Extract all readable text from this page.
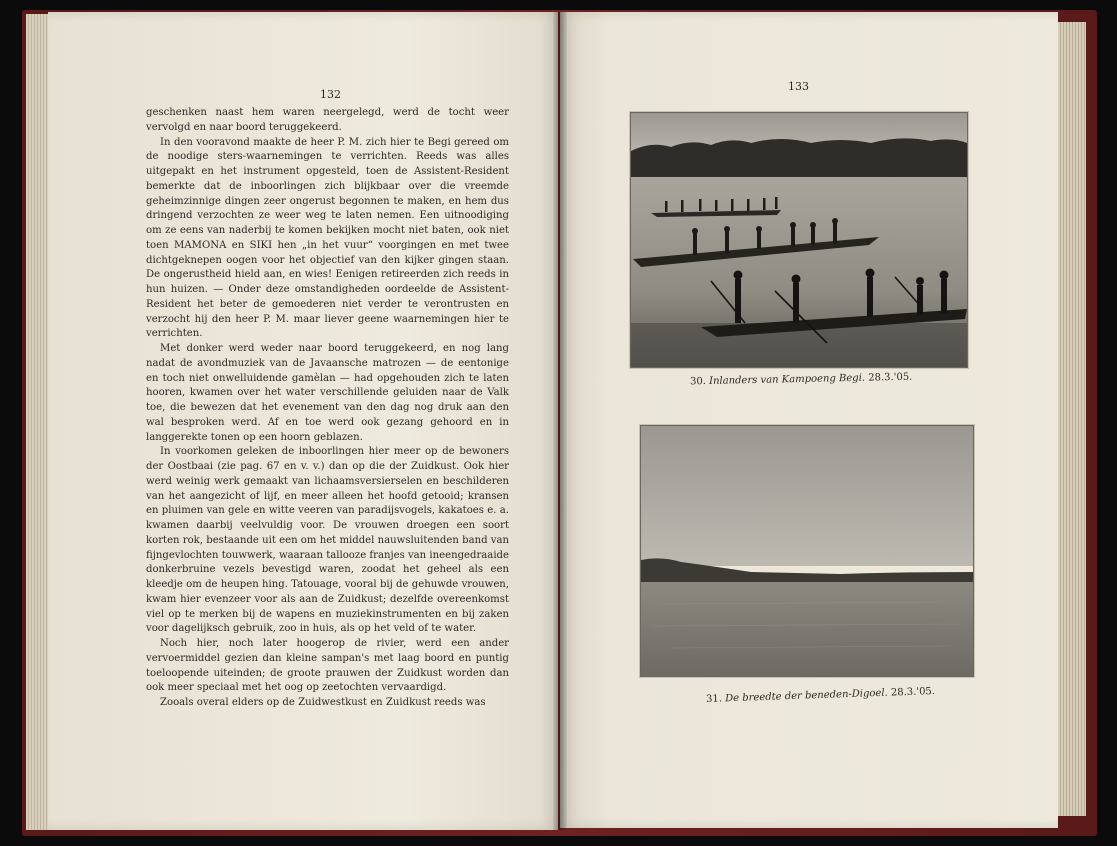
132
133

geschenken naast hem waren neergelegd, werd de tocht weer vervolgd en naar boord teruggekeerd.

In den vooravond maakte de heer P. M. zich hier te Begi gereed om de noodige sters-waarnemingen te verrichten. Reeds was alles uitgepakt en het instrument opgesteld, toen de Assistent-Resident bemerkte dat de inboorlingen zich blijkbaar over die vreemde geheimzinnige dingen zeer ongerust begonnen te maken, en hem dus dringend verzochten ze weer weg te laten nemen. Een uitnoodiging om ze eens van naderbij te komen bekijken mocht niet baten, ook niet toen MAMONA en SIKI hen „in het vuur“ voorgingen en met twee dichtgeknepen oogen voor het objectief van den kijker gingen staan. De ongerustheid hield aan, en wies! Eenigen retireerden zich reeds in hun huizen. — Onder deze omstandigheden oordeelde de Assistent-Resident het beter de gemoederen niet verder te verontrusten en verzocht hij den heer P. M. maar liever geene waarnemingen hier te verrichten.

Met donker werd weder naar boord teruggekeerd, en nog lang nadat de avondmuziek van de Javaansche matrozen — de eentonige en toch niet onwelluidende gamèlan — had opgehouden zich te laten hooren, kwamen over het water verschillende geluiden naar de Valk toe, die bewezen dat het evenement van den dag nog druk aan den wal besproken werd. Af en toe werd ook gezang gehoord en in langgerekte tonen op een hoorn geblazen.

In voorkomen geleken de inboorlingen hier meer op de bewoners der Oostbaai (zie pag. 67 en v. v.) dan op die der Zuidkust. Ook hier werd weinig werk gemaakt van lichaamsversierselen en beschilderen van het aangezicht of lijf, en meer alleen het hoofd getooid; kransen en pluimen van gele en witte veeren van paradijsvogels, kakatoes e. a. kwamen daarbij veelvuldig voor. De vrouwen droegen een soort korten rok, bestaande uit een om het middel nauwsluitenden band van fijngevlochten touwwerk, waaraan tallooze franjes van ineengedraaide donkerbruine vezels bevestigd waren, zoodat het geheel als een kleedje om de heupen hing. Tatouage, vooral bij de gehuwde vrouwen, kwam hier evenzeer voor als aan de Zuidkust; dezelfde overeenkomst viel op te merken bij de wapens en muziekinstrumenten en bij zaken voor dagelijksch gebruik, zoo in huis, als op het veld of te water.

Noch hier, noch later hoogerop de rivier, werd een ander vervoermiddel gezien dan kleine sampan's met laag boord en puntig toeloopende uiteinden; de groote prauwen der Zuidkust worden dan ook meer speciaal met het oog op zeetochten vervaardigd.

Zooals overal elders op de Zuidwestkust en Zuidkust reeds was

30. Inlanders van Kampoeng Begi. 28.3.'05.
31. De breedte der beneden-Digoel. 28.3.'05.
